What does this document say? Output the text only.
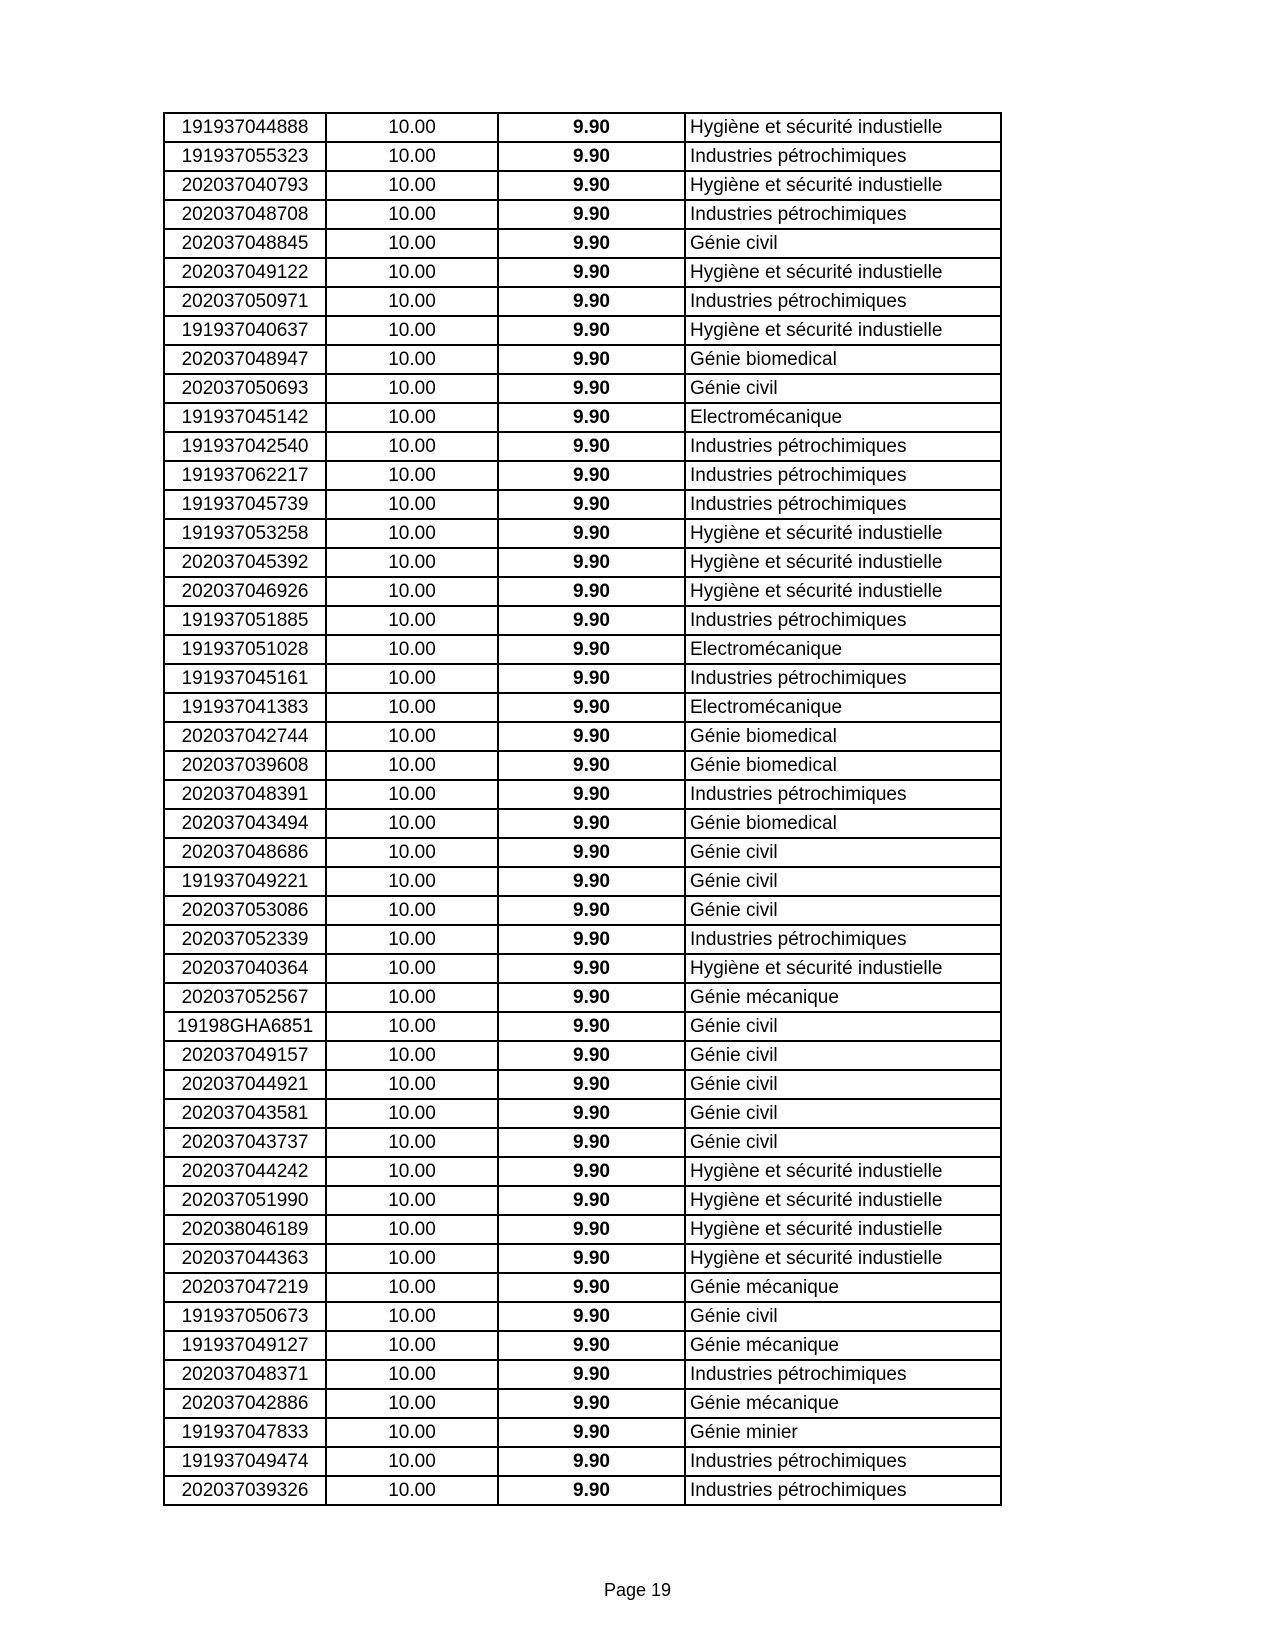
191937044888	10.00	9.90	Hygiène et sécurité industielle
191937055323	10.00	9.90	Industries pétrochimiques
202037040793	10.00	9.90	Hygiène et sécurité industielle
202037048708	10.00	9.90	Industries pétrochimiques
202037048845	10.00	9.90	Génie civil
202037049122	10.00	9.90	Hygiène et sécurité industielle
202037050971	10.00	9.90	Industries pétrochimiques
191937040637	10.00	9.90	Hygiène et sécurité industielle
202037048947	10.00	9.90	Génie biomedical
202037050693	10.00	9.90	Génie civil
191937045142	10.00	9.90	Electromécanique
191937042540	10.00	9.90	Industries pétrochimiques
191937062217	10.00	9.90	Industries pétrochimiques
191937045739	10.00	9.90	Industries pétrochimiques
191937053258	10.00	9.90	Hygiène et sécurité industielle
202037045392	10.00	9.90	Hygiène et sécurité industielle
202037046926	10.00	9.90	Hygiène et sécurité industielle
191937051885	10.00	9.90	Industries pétrochimiques
191937051028	10.00	9.90	Electromécanique
191937045161	10.00	9.90	Industries pétrochimiques
191937041383	10.00	9.90	Electromécanique
202037042744	10.00	9.90	Génie biomedical
202037039608	10.00	9.90	Génie biomedical
202037048391	10.00	9.90	Industries pétrochimiques
202037043494	10.00	9.90	Génie biomedical
202037048686	10.00	9.90	Génie civil
191937049221	10.00	9.90	Génie civil
202037053086	10.00	9.90	Génie civil
202037052339	10.00	9.90	Industries pétrochimiques
202037040364	10.00	9.90	Hygiène et sécurité industielle
202037052567	10.00	9.90	Génie mécanique
19198GHA6851	10.00	9.90	Génie civil
202037049157	10.00	9.90	Génie civil
202037044921	10.00	9.90	Génie civil
202037043581	10.00	9.90	Génie civil
202037043737	10.00	9.90	Génie civil
202037044242	10.00	9.90	Hygiène et sécurité industielle
202037051990	10.00	9.90	Hygiène et sécurité industielle
202038046189	10.00	9.90	Hygiène et sécurité industielle
202037044363	10.00	9.90	Hygiène et sécurité industielle
202037047219	10.00	9.90	Génie mécanique
191937050673	10.00	9.90	Génie civil
191937049127	10.00	9.90	Génie mécanique
202037048371	10.00	9.90	Industries pétrochimiques
202037042886	10.00	9.90	Génie mécanique
191937047833	10.00	9.90	Génie minier
191937049474	10.00	9.90	Industries pétrochimiques
202037039326	10.00	9.90	Industries pétrochimiques
Page 19
